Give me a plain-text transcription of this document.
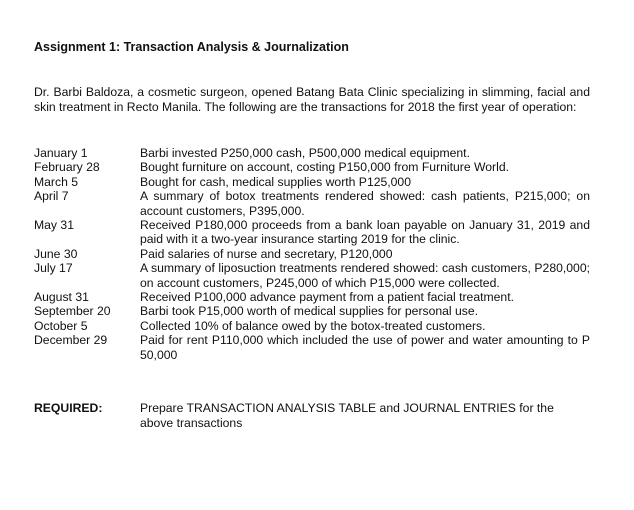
Assignment 1: Transaction Analysis & Journalization
Dr. Barbi Baldoza, a cosmetic surgeon, opened Batang Bata Clinic specializing in slimming, facial and skin treatment in Recto Manila. The following are the transactions for 2018 the first year of operation:
January 1	Barbi invested P250,000 cash, P500,000 medical equipment.
February 28	Bought furniture on account, costing P150,000 from Furniture World.
March 5	Bought for cash, medical supplies worth P125,000
April 7	A summary of botox treatments rendered showed: cash patients, P215,000; on account customers, P395,000.
May 31	Received P180,000 proceeds from a bank loan payable on January 31, 2019 and paid with it a two-year insurance starting 2019 for the clinic.
June 30	Paid salaries of nurse and secretary, P120,000
July 17	A summary of liposuction treatments rendered showed: cash customers, P280,000; on account customers, P245,000 of which P15,000 were collected.
August 31	Received P100,000 advance payment from a patient facial treatment.
September 20	Barbi took P15,000 worth of medical supplies for personal use.
October 5	Collected 10% of balance owed by the botox-treated customers.
December 29	Paid for rent P110,000 which included the use of power and water amounting to P 50,000
REQUIRED:	Prepare TRANSACTION ANALYSIS TABLE and JOURNAL ENTRIES for the above transactions
